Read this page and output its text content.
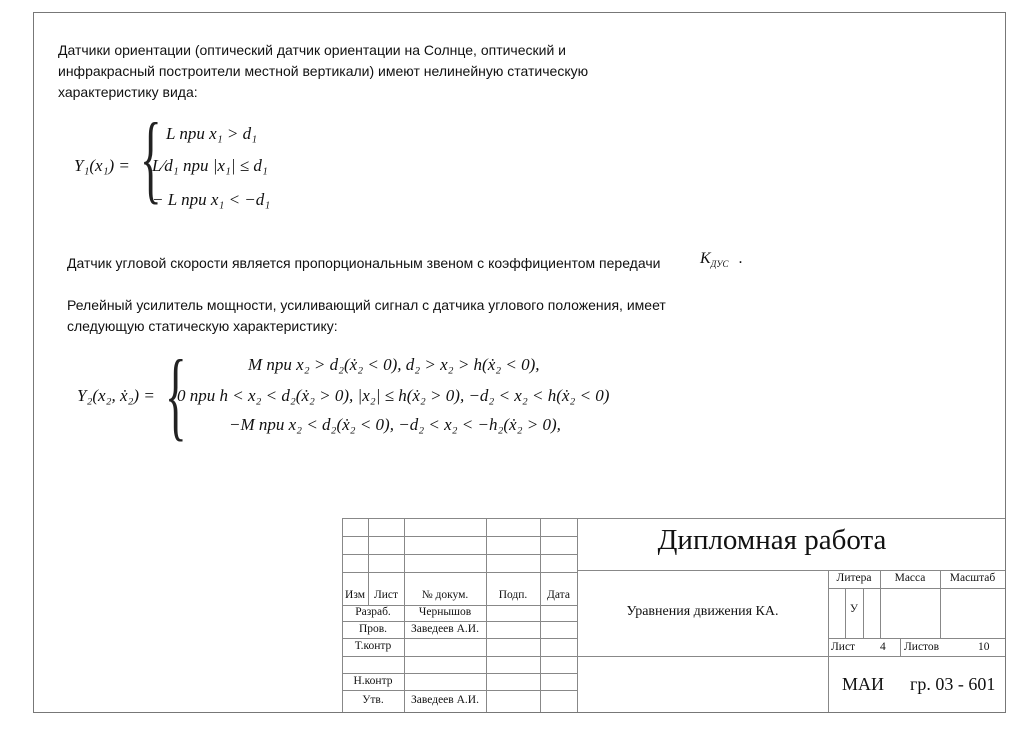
Датчики ориентации (оптический датчик ориентации на Солнце, оптический и
инфракрасный построители местной вертикали) имеют нелинейную статическую
характеристику вида:
Y₁(x₁) = { L при x₁ > d₁
L⁄d₁ при |x₁| ≤ d₁
− L при x₁ < −d₁
Датчик угловой скорости является пропорциональным звеном с коэффициентом передачи $K_{ДУС}$ .
Релейный усилитель мощности, усиливающий сигнал с датчика углового положения, имеет
следующую статическую характеристику:
Y₂(x₂, ẋ₂) = {	M при x₂ > d₂(ẋ₂ < 0), d₂ > x₂ > h(ẋ₂ < 0),
0 при h < x₂ < d₂(ẋ₂ > 0), |x₂| ≤ h(ẋ₂ > 0), −d₂ < x₂ < h(ẋ₂ < 0)
−M при x₂ < d₂(ẋ₂ < 0), −d₂ < x₂ < −h₂(ẋ₂ > 0),
Дипломная работа
Уравнения движения КА.
Изм Лист	№ докум.	Подп.	Дата
Разраб.	Чернышов
Пров.	Заведеев А.И.
Т.контр
Н.контр
Утв.	Заведеев А.И.
Литера	Масса	Масштаб
У
Лист 4 Листов	10
МАИ гр. 03 - 601
